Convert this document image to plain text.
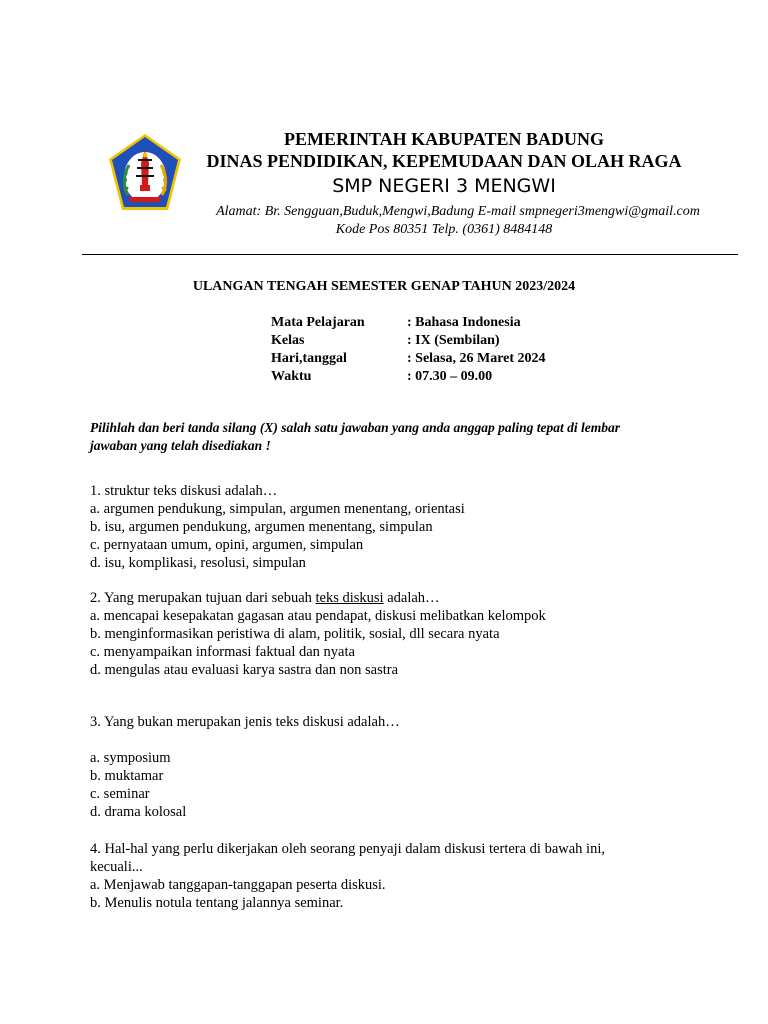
PEMERINTAH KABUPATEN BADUNG
DINAS PENDIDIKAN, KEPEMUDAAN DAN OLAH RAGA
SMP NEGERI 3 MENGWI
Alamat: Br. Sengguan,Buduk,Mengwi,Badung E-mail smpnegeri3mengwi@gmail.com
Kode Pos 80351 Telp. (0361) 8484148
ULANGAN TENGAH SEMESTER GENAP TAHUN 2023/2024
Mata Pelajaran	: Bahasa Indonesia
Kelas	: IX (Sembilan)
Hari,tanggal	: Selasa, 26 Maret 2024
Waktu	: 07.30 – 09.00
Pilihlah dan beri tanda silang (X) salah satu jawaban yang anda anggap paling tepat di lembar jawaban yang telah disediakan !
1. struktur teks diskusi adalah…
a. argumen pendukung, simpulan, argumen menentang, orientasi
b. isu, argumen pendukung, argumen menentang, simpulan
c. pernyataan umum, opini, argumen, simpulan
d. isu, komplikasi, resolusi, simpulan
2. Yang merupakan tujuan dari sebuah teks diskusi adalah…
a. mencapai kesepakatan gagasan atau pendapat, diskusi melibatkan kelompok
b. menginformasikan peristiwa di alam, politik, sosial, dll secara nyata
c. menyampaikan informasi faktual dan nyata
d. mengulas atau evaluasi karya sastra dan non sastra
3. Yang bukan merupakan jenis teks diskusi adalah…
a. symposium
b. muktamar
c. seminar
d. drama kolosal
4. Hal-hal yang perlu dikerjakan oleh seorang penyaji dalam diskusi tertera di bawah ini, kecuali...
a. Menjawab tanggapan-tanggapan peserta diskusi.
b. Menulis notula tentang jalannya seminar.
